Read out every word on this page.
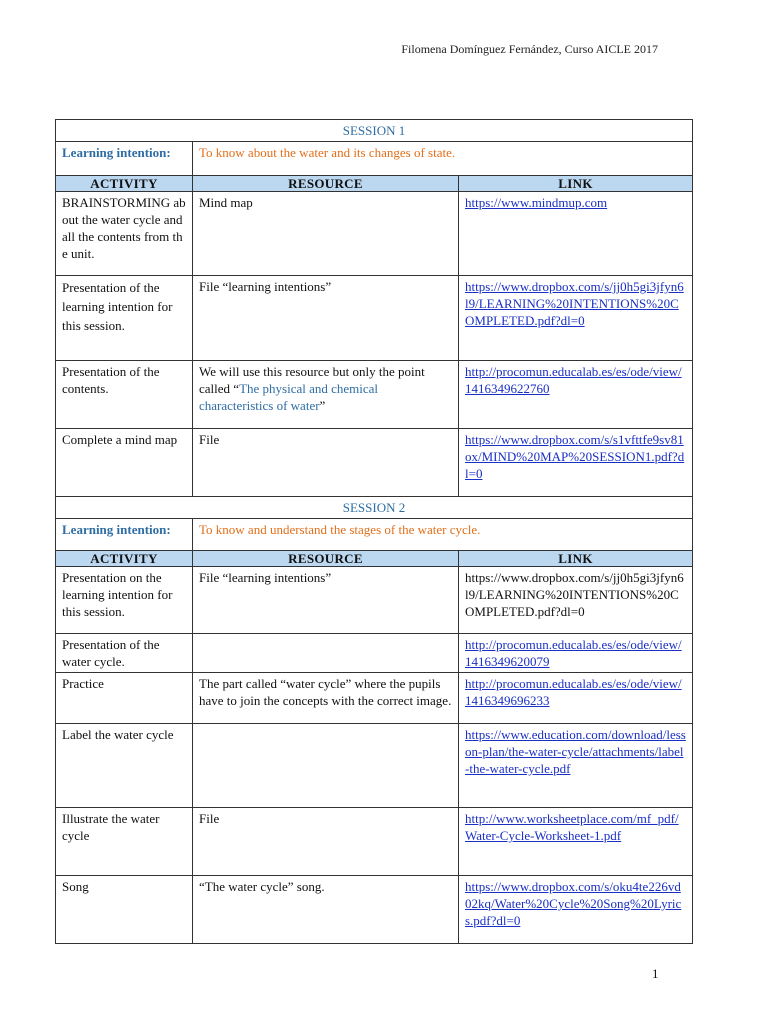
Filomena Domínguez Fernández, Curso AICLE 2017
SESSION 1		
Learning intention:	To know about the water and its changes of state.	
ACTIVITY	RESOURCE	LINK

BRAINSTORMING about the water cycle and all the contents from the unit.	Mind map	https://www.mindmup.com

Presentation of the learning intention for this session.	File “learning intentions”	https://www.dropbox.com/s/jj0h5gi3jfyn6l9/LEARNING%20INTENTIONS%20COMPLETED.pdf?dl=0

Presentation of the contents.	We will use this resource but only the point called “The physical and chemical characteristics of water”	http://procomun.educalab.es/es/ode/view/1416349622760

Complete a mind map	File	https://www.dropbox.com/s/s1vfttfe9sv81ox/MIND%20MAP%20SESSION1.pdf?dl=0
SESSION 2		
Learning intention:	To know and understand the stages of the water cycle.	
ACTIVITY	RESOURCE	LINK
Presentation on the learning intention for this session.	File “learning intentions”	https://www.dropbox.com/s/jj0h5gi3jfyn6l9/LEARNING%20INTENTIONS%20COMPLETED.pdf?dl=0

Presentation of the water cycle.		http://procomun.educalab.es/es/ode/view/1416349620079

Practice	The part called “water cycle” where the pupils have to join the concepts with the correct image.	http://procomun.educalab.es/es/ode/view/1416349696233

Label the water cycle		https://www.education.com/download/lesson-plan/the-water-cycle/attachments/label-the-water-cycle.pdf

Illustrate the water cycle	File	http://www.worksheetplace.com/mf_pdf/Water-Cycle-Worksheet-1.pdf

Song	“The water cycle” song.	https://www.dropbox.com/s/oku4te226vd02kq/Water%20Cycle%20Song%20Lyrics.pdf?dl=0
1
